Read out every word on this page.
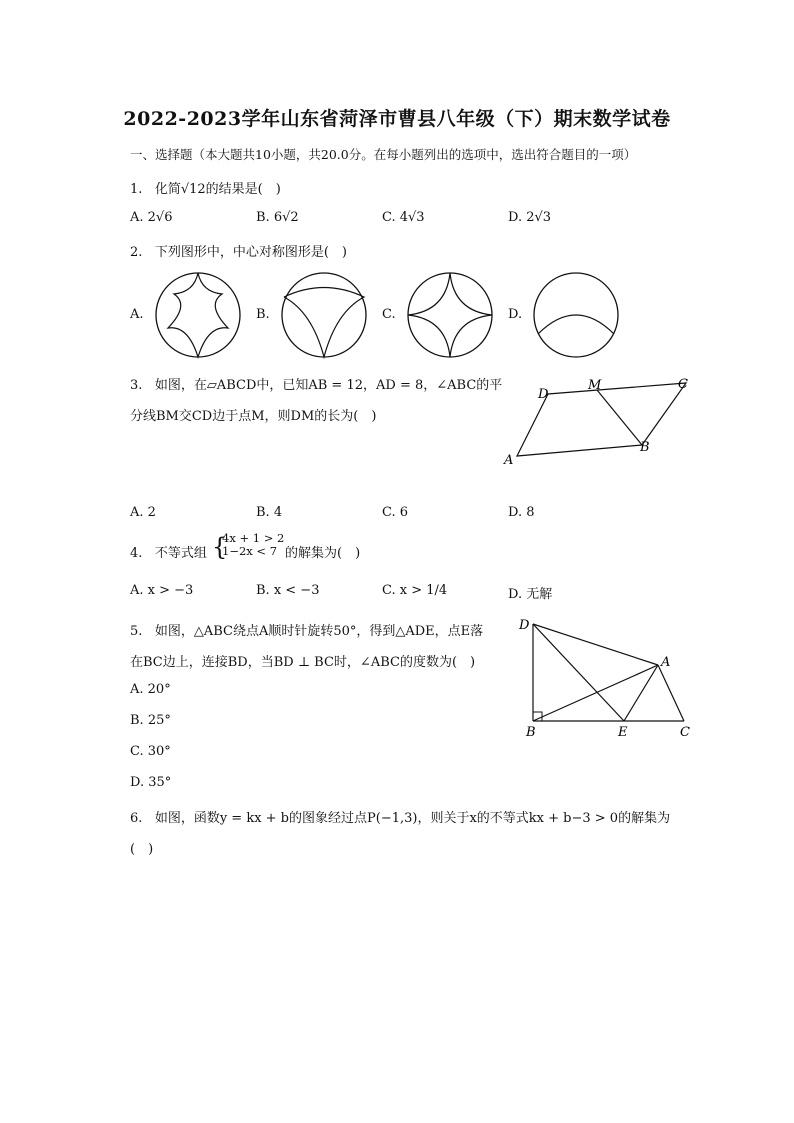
2022-2023学年山东省菏泽市曹县八年级（下）期末数学试卷
一、选择题（本大题共10小题，共20.0分。在每小题列出的选项中，选出符合题目的一项）
1. 化简√12的结果是(　)
A. 2√6	B. 6√2	C. 4√3	D. 2√3
2. 下列图形中，中心对称图形是(　)
A.	B.	C.	D.
3. 如图，在▱ABCD中，已知AB = 12，AD = 8，∠ABC的平
分线BM交CD边于点M，则DM的长为(　)
A
D
M	C
B
A. 2	B. 4	C. 6	D. 8
4. 不等式组 {
4x + 1 > 2
1−2x < 7 的解集为(　)
A. x > −3	B. x < −3	C. x > 1/4	D. 无解
5. 如图，△ABC绕点A顺时针旋转50°，得到△ADE，点E落
在BC边上，连接BD，当BD ⊥ BC时，∠ABC的度数为(　)
A. 20°
B. 25°
C. 30°
D. 35°
D
A
B	E	C
6. 如图，函数y = kx + b的图象经过点P(−1,3)，则关于x的不等式kx + b−3 > 0的解集为
(　)
